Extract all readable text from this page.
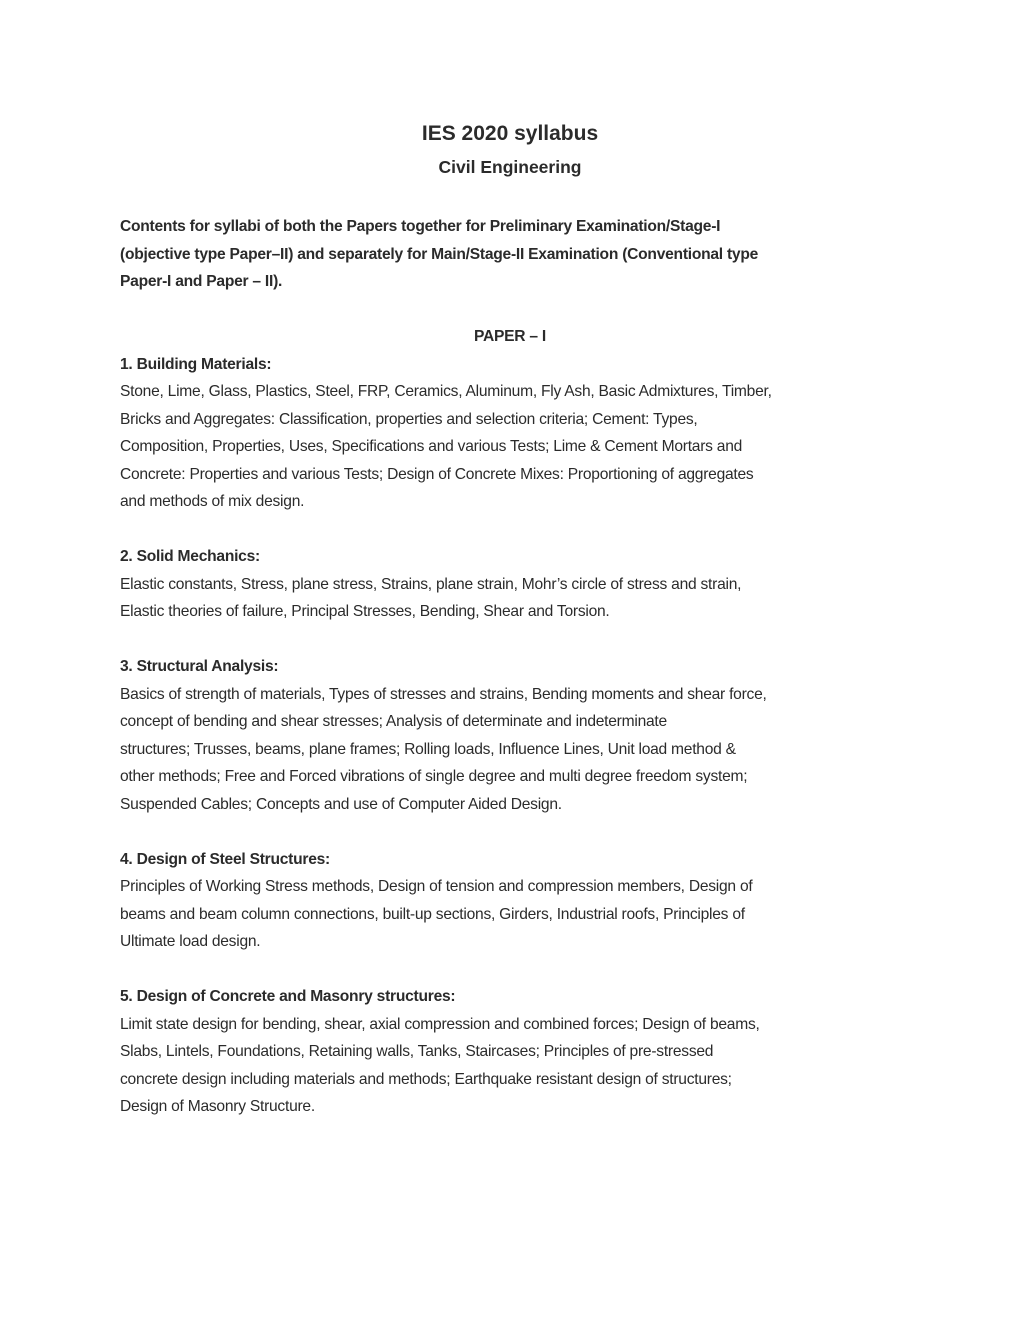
IES 2020 syllabus
Civil Engineering
Contents for syllabi of both the Papers together for Preliminary Examination/Stage-I
(objective type Paper–II) and separately for Main/Stage-II Examination (Conventional type
Paper-I and Paper – II).
PAPER – I
1. Building Materials:
Stone, Lime, Glass, Plastics, Steel, FRP, Ceramics, Aluminum, Fly Ash, Basic Admixtures, Timber,
Bricks and Aggregates: Classification, properties and selection criteria; Cement: Types,
Composition, Properties, Uses, Specifications and various Tests; Lime & Cement Mortars and
Concrete: Properties and various Tests; Design of Concrete Mixes: Proportioning of aggregates
and methods of mix design.
2. Solid Mechanics:
Elastic constants, Stress, plane stress, Strains, plane strain, Mohr’s circle of stress and strain,
Elastic theories of failure, Principal Stresses, Bending, Shear and Torsion.
3. Structural Analysis:
Basics of strength of materials, Types of stresses and strains, Bending moments and shear force,
concept of bending and shear stresses; Analysis of determinate and indeterminate
structures; Trusses, beams, plane frames; Rolling loads, Influence Lines, Unit load method &
other methods; Free and Forced vibrations of single degree and multi degree freedom system;
Suspended Cables; Concepts and use of Computer Aided Design.
4. Design of Steel Structures:
Principles of Working Stress methods, Design of tension and compression members, Design of
beams and beam column connections, built-up sections, Girders, Industrial roofs, Principles of
Ultimate load design.
5. Design of Concrete and Masonry structures:
Limit state design for bending, shear, axial compression and combined forces; Design of beams,
Slabs, Lintels, Foundations, Retaining walls, Tanks, Staircases; Principles of pre-stressed
concrete design including materials and methods; Earthquake resistant design of structures;
Design of Masonry Structure.
